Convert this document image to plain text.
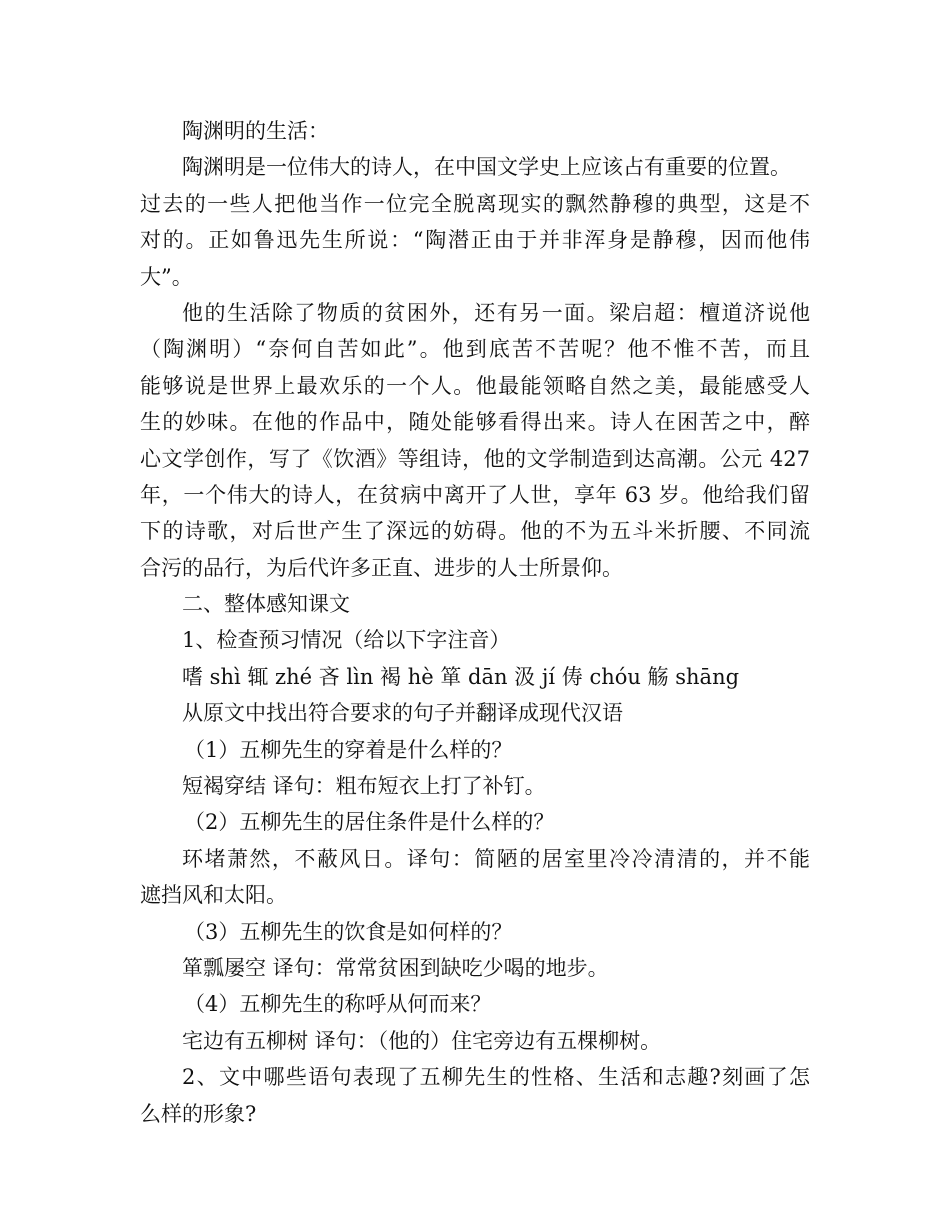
陶渊明的生活：
陶渊明是一位伟大的诗人，在中国文学史上应该占有重要的位置。
过去的一些人把他当作一位完全脱离现实的飘然静穆的典型，这是不
对的。正如鲁迅先生所说：“陶潜正由于并非浑身是静穆，因而他伟
大”。
他的生活除了物质的贫困外，还有另一面。梁启超：檀道济说他
（陶渊明）“奈何自苦如此”。他到底苦不苦呢？他不惟不苦，而且
能够说是世界上最欢乐的一个人。他最能领略自然之美，最能感受人
生的妙味。在他的作品中，随处能够看得出来。诗人在困苦之中，醉
心文学创作，写了《饮酒》等组诗，他的文学制造到达高潮。公元 427
年，一个伟大的诗人，在贫病中离开了人世，享年 63 岁。他给我们留
下的诗歌，对后世产生了深远的妨碍。他的不为五斗米折腰、不同流
合污的品行，为后代许多正直、进步的人士所景仰。
二、整体感知课文
1、检查预习情况（给以下字注音）
嗜 shì 辄 zhé 吝 lìn 褐 hè 箪 dān 汲 jí 俦 chóu 觞 shāng
从原文中找出符合要求的句子并翻译成现代汉语
（1）五柳先生的穿着是什么样的？
短褐穿结 译句：粗布短衣上打了补钉。
（2）五柳先生的居住条件是什么样的？
环堵萧然，不蔽风日。译句：简陋的居室里冷冷清清的，并不能
遮挡风和太阳。
（3）五柳先生的饮食是如何样的？
箪瓢屡空 译句：常常贫困到缺吃少喝的地步。
（4）五柳先生的称呼从何而来？
宅边有五柳树 译句：（他的）住宅旁边有五棵柳树。
2、文中哪些语句表现了五柳先生的性格、生活和志趣?刻画了怎
么样的形象?
